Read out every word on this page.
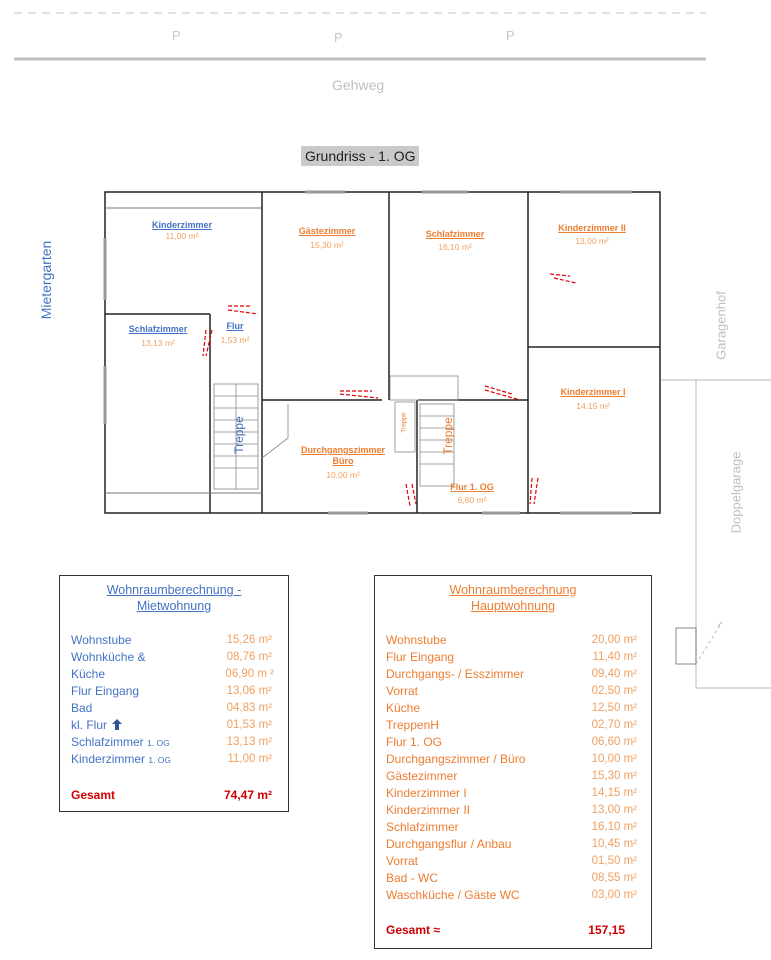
P	P	P
Gehweg
Mietergarten
Garagenhof
Doppelgarage
Grundriss - 1. OG
Kinderzimmer
11,00 m²	Gästezimmer
15,30 m²
Schlafzimmer
16,10 m²
Kinderzimmer II
13,00 m²
Schlafzimmer
13,13 m²
Flur
1,53 m²
Kinderzimmer I
14,15 m²
Durchgangszimmer
Büro
10,00 m²
Flur 1. OG
6,60 m²
Treppe	Treppe	Treppe
Wohnraumberechnung -
Mietwohnung
Wohnstube	15,26 m²
Wohnküche &	08,76 m²
Küche	06,90 m ²
Flur Eingang	13,06 m²
Bad	04,83 m²
kl. Flur	01,53 m²
Schlafzimmer 1. OG	13,13 m²
Kinderzimmer 1. OG	11,00 m²
Gesamt	74,47 m²
Wohnraumberechnung
Hauptwohnung
Wohnstube	20,00 m²
Flur Eingang	11,40 m²
Durchgangs- / Esszimmer	09,40 m²
Vorrat	02,50 m²
Küche	12,50 m²
TreppenH	02,70 m²
Flur 1. OG	06,60 m²
Durchgangszimmer / Büro	10,00 m²
Gästezimmer	15,30 m²
Kinderzimmer I	14,15 m²
Kinderzimmer II	13,00 m²
Schlafzimmer	16,10 m²
Durchgangsflur / Anbau	10,45 m²
Vorrat	01,50 m²
Bad - WC	08,55 m²
Waschküche / Gäste WC	03,00 m²
Gesamt ≈	157,15
